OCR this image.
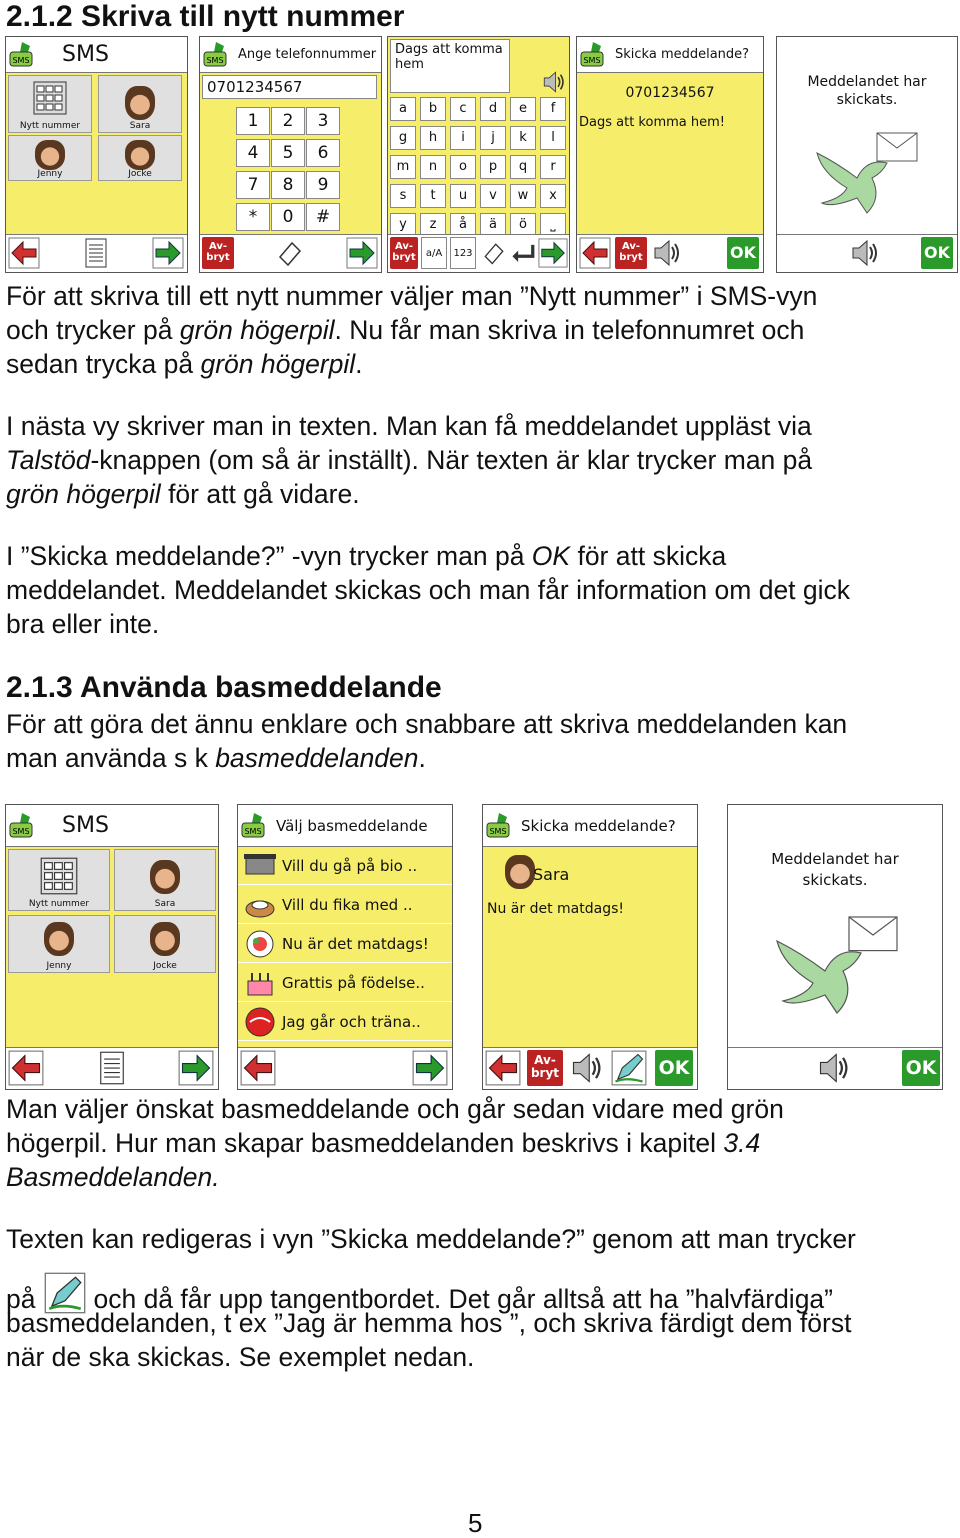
2.1.2 Skriva till nytt nummer
SMS
Nytt nummer	Sara
Jenny	Jocke
Ange telefonnummer
0701234567
1	2	3
4	5	6
7	8	9
*	0	#
Av- bryt
Dags att komma hem
a	b	c	d	e	f
g	h	i	j	k	l
m	n	o	p	q	r
s	t	u	v	w	x
y	z	å	ä	ö	⎵
Av- bryt	a/A	123
Skicka meddelande?
0701234567
Dags att komma hem!
Av- bryt	OK
Meddelandet har
skickats.
OK
För att skriva till ett nytt nummer väljer man ”Nytt nummer” i SMS-vyn
och trycker på grön högerpil. Nu får man skriva in telefonnumret och
sedan trycka på grön högerpil.
I nästa vy skriver man in texten. Man kan få meddelandet uppläst via
Talstöd-knappen (om så är inställt). När texten är klar trycker man på
grön högerpil för att gå vidare.
I ”Skicka meddelande?” -vyn trycker man på OK för att skicka
meddelandet. Meddelandet skickas och man får information om det gick
bra eller inte.
2.1.3 Använda basmeddelande
För att göra det ännu enklare och snabbare att skriva meddelanden kan
man använda s k basmeddelanden.
SMS
Nytt nummer	Sara
Jenny	Jocke
Välj basmeddelande
Vill du gå på bio ..
Vill du fika med ..
Nu är det matdags!
Grattis på födelse..
Jag går och träna..
Skicka meddelande?
Sara
Nu är det matdags!
Av- bryt	OK
Meddelandet har
skickats.
OK
Man väljer önskat basmeddelande och går sedan vidare med grön
högerpil. Hur man skapar basmeddelanden beskrivs i kapitel 3.4
Basmeddelanden.
Texten kan redigeras i vyn ”Skicka meddelande?” genom att man trycker
på och då får upp tangentbordet. Det går alltså att ha ”halvfärdiga”
basmeddelanden, t ex ”Jag är hemma hos ”, och skriva färdigt dem först
när de ska skickas. Se exemplet nedan.
5
